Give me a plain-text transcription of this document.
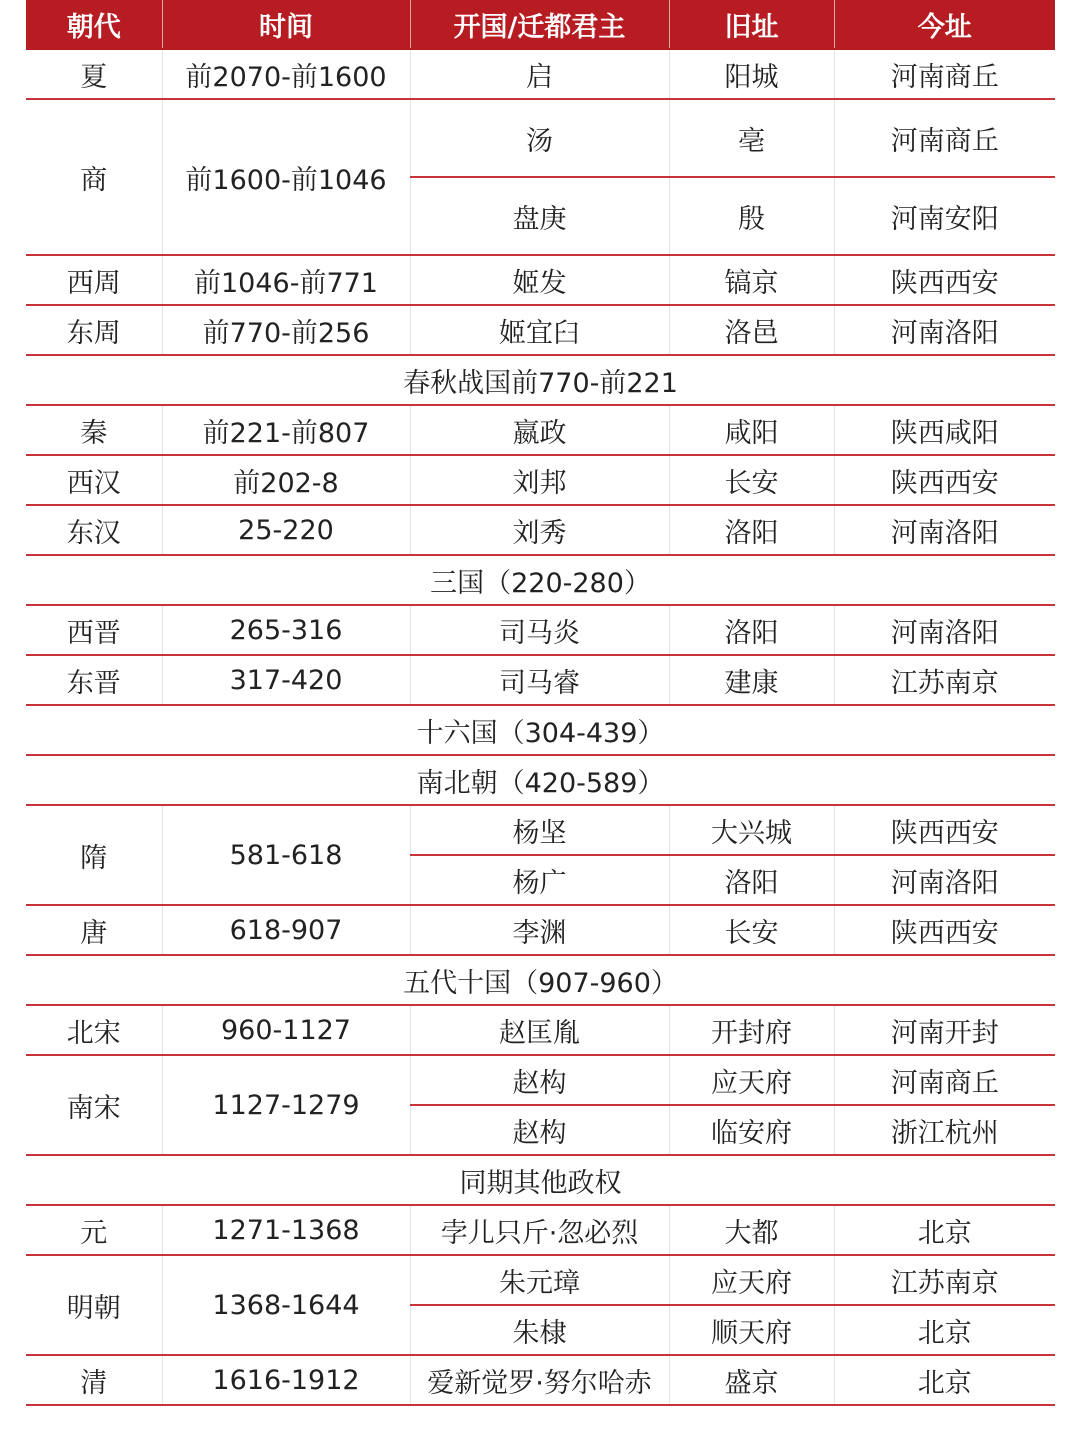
朝代	时间	开国/迁都君主	旧址	今址
夏	前2070-前1600	启	阳城	河南商丘
商	前1600-前1046	汤	亳	河南商丘
		盘庚	殷	河南安阳
西周	前1046-前771	姬发	镐京	陕西西安
东周	前770-前256	姬宜臼	洛邑	河南洛阳
春秋战国前770-前221				
秦	前221-前807	嬴政	咸阳	陕西咸阳
西汉	前202-8	刘邦	长安	陕西西安
东汉	25-220	刘秀	洛阳	河南洛阳
三国（220-280）				
西晋	265-316	司马炎	洛阳	河南洛阳
东晋	317-420	司马睿	建康	江苏南京
十六国（304-439）				
南北朝（420-589）				
隋	581-618	杨坚	大兴城	陕西西安
		杨广	洛阳	河南洛阳
唐	618-907	李渊	长安	陕西西安
五代十国（907-960）				
北宋	960-1127	赵匡胤	开封府	河南开封
南宋	1127-1279	赵构	应天府	河南商丘
		赵构	临安府	浙江杭州
同期其他政权				
元	1271-1368	孛儿只斤·忽必烈	大都	北京
明朝	1368-1644	朱元璋	应天府	江苏南京
		朱棣	顺天府	北京
清	1616-1912	爱新觉罗·努尔哈赤	盛京	北京
